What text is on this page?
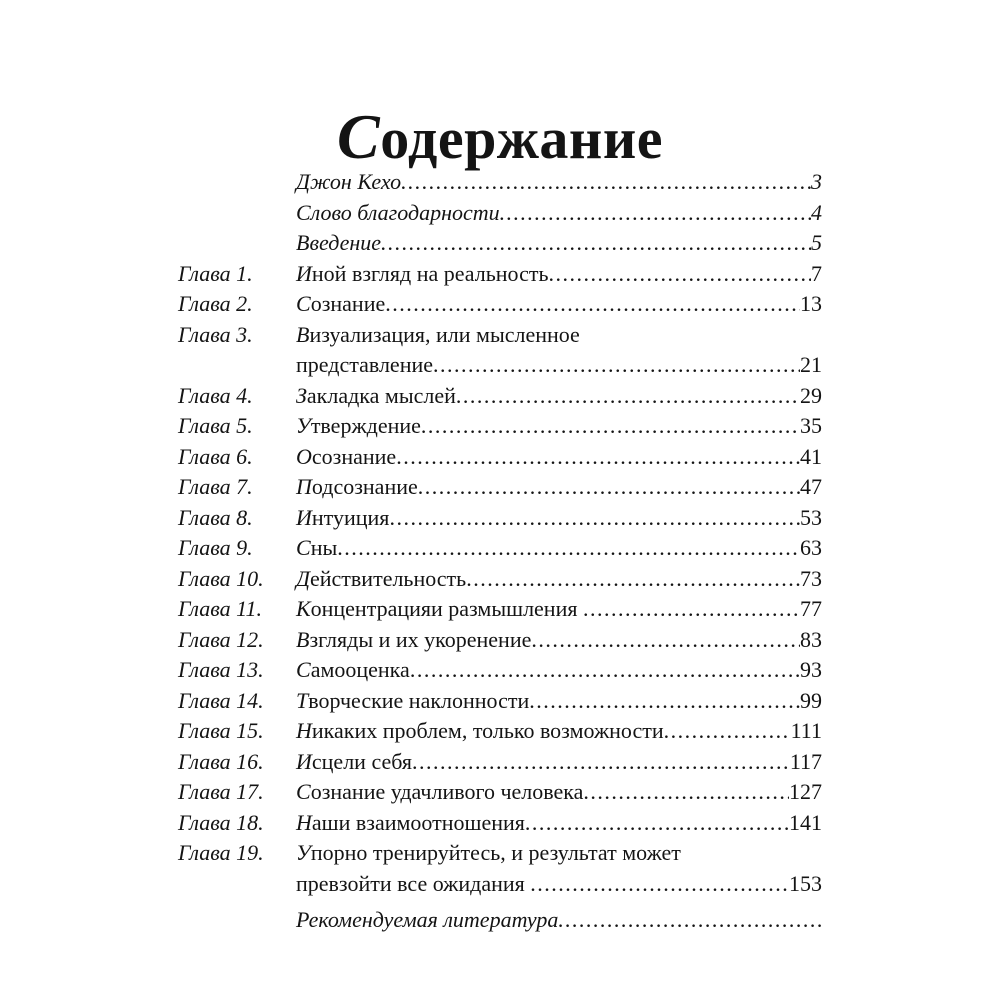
Содержание
Джон Кехо .....	3
Слово благодарности .....	4
Введение .....	5
Глава 1.	Иной взгляд на реальность .....	7
Глава 2.	Сознание .....	13
Глава 3.	Визуализация, или мысленное
представление .....	21
Глава 4.	Закладка мыслей .....	29
Глава 5.	Утверждение .....	35
Глава 6.	Осознание .....	41
Глава 7.	Подсознание .....	47
Глава 8.	Интуиция .....	53
Глава 9.	Сны .....	63
Глава 10.	Действительность .....	73
Глава 11.	Концентрацияи размышления .....	77
Глава 12.	Взгляды и их укоренение .....	83
Глава 13.	Самооценка .....	93
Глава 14.	Творческие наклонности .....	99
Глава 15.	Никаких проблем, только возможности .....	111
Глава 16.	Исцели себя .....	117
Глава 17.	Сознание удачливого человека .....	127
Глава 18.	Наши взаимоотношения .....	141
Глава 19.	Упорно тренируйтесь, и результат может
превзойти все ожидания .....	153
Рекомендуемая литература
.....
